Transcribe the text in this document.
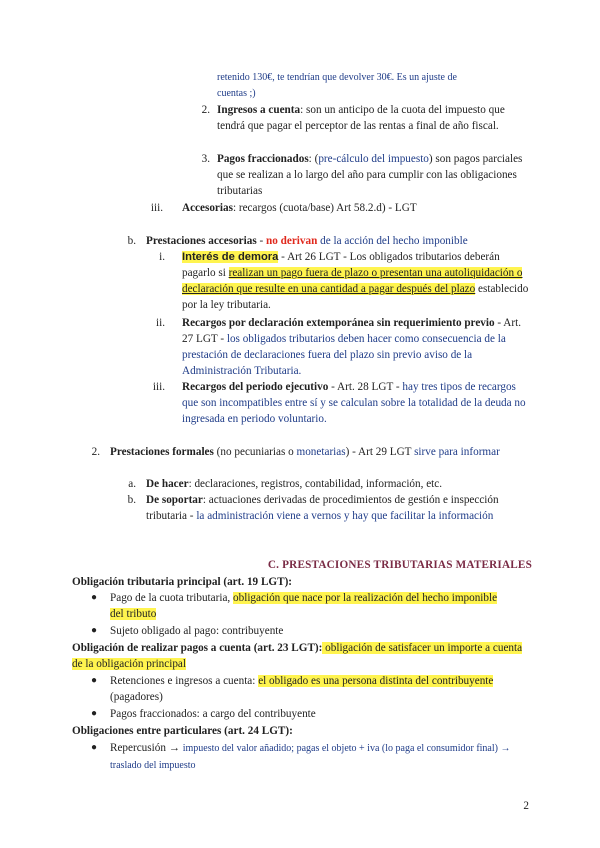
retenido 130€, te tendrían que devolver 30€. Es un ajuste de
cuentas ;)
2. Ingresos a cuenta: son un anticipo de la cuota del impuesto que tendrá que pagar el perceptor de las rentas a final de año fiscal.
3. Pagos fraccionados: (pre-cálculo del impuesto) son pagos parciales que se realizan a lo largo del año para cumplir con las obligaciones tributarias
iii. Accesorias: recargos (cuota/base) Art 58.2.d) - LGT
b. Prestaciones accesorias - no derivan de la acción del hecho imponible
i. Interés de demora - Art 26 LGT - Los obligados tributarios deberán pagarlo si realizan un pago fuera de plazo o presentan una autoliquidación o declaración que resulte en una cantidad a pagar después del plazo establecido por la ley tributaria.
ii. Recargos por declaración extemporánea sin requerimiento previo - Art. 27 LGT - los obligados tributarios deben hacer como consecuencia de la prestación de declaraciones fuera del plazo sin previo aviso de la Administración Tributaria.
iii. Recargos del periodo ejecutivo - Art. 28 LGT - hay tres tipos de recargos que son incompatibles entre sí y se calculan sobre la totalidad de la deuda no ingresada en periodo voluntario.
2. Prestaciones formales (no pecuniarias o monetarias) - Art 29 LGT sirve para informar
a. De hacer: declaraciones, registros, contabilidad, información, etc.
b. De soportar: actuaciones derivadas de procedimientos de gestión e inspección tributaria - la administración viene a vernos y hay que facilitar la información
C. PRESTACIONES TRIBUTARIAS MATERIALES
Obligación tributaria principal (art. 19 LGT):
● Pago de la cuota tributaria, obligación que nace por la realización del hecho imponible del tributo
● Sujeto obligado al pago: contribuyente
Obligación de realizar pagos a cuenta (art. 23 LGT): obligación de satisfacer un importe a cuenta de la obligación principal
● Retenciones e ingresos a cuenta: el obligado es una persona distinta del contribuyente (pagadores)
● Pagos fraccionados: a cargo del contribuyente
Obligaciones entre particulares (art. 24 LGT):
● Repercusión → impuesto del valor añadido; pagas el objeto + iva (lo paga el consumidor final) → traslado del impuesto
2
